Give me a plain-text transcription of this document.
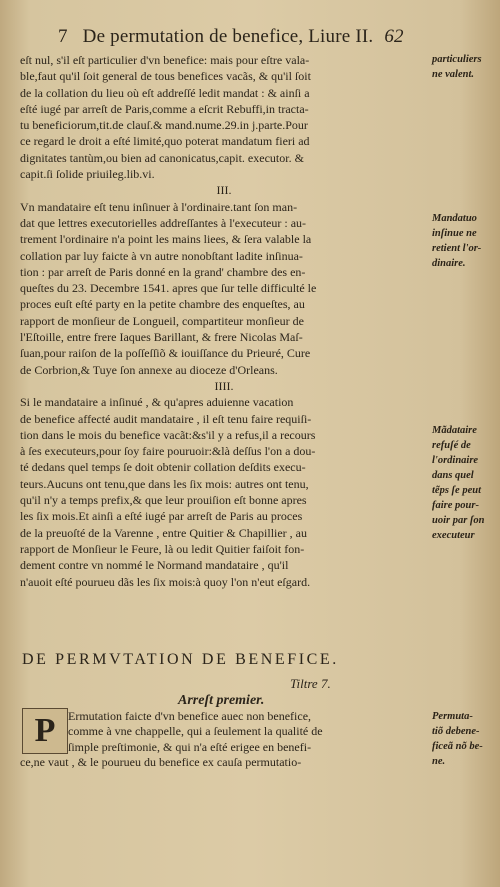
7 De permutation de benefice, Liure II. 62
eſt nul, s'il eſt particulier d'vn benefice: mais pour eſtre vala-
ble,faut qu'il ſoit general de tous benefices vacãs, & qu'il ſoit
de la collation du lieu où eſt addreſſé ledit mandat : & ainſi a
eſté iugé par arreſt de Paris,comme a eſcrit Rebuffi,in tracta-
tu beneficiorum,tit.de clauſ.& mand.nume.29.in j.parte.Pour
ce regard le droit a eſté limité,quo poterat mandatum fieri ad
dignitates tantùm,ou bien ad canonicatus,capit. executor. &
capit.ſi ſolide priuileg.lib.vi.
III.
Vn mandataire eſt tenu inſinuer à l'ordinaire.tant ſon man-
dat que lettres executorielles addreſſantes à l'executeur : au-
trement l'ordinaire n'a point les mains liees, & ſera valable la
collation par luy faicte à vn autre nonobſtant ladite inſinua-
tion : par arreſt de Paris donné en la grand' chambre des en-
queſtes du 23. Decembre 1541. apres que ſur telle difficulté le
proces euſt eſté party en la petite chambre des enqueſtes, au
rapport de monſieur de Longueil, compartiteur monſieur de
l'Eſtoille, entre frere Iaques Barillant, & frere Nicolas Maſ-
ſuan,pour raiſon de la poſſeſſiõ & iouiſſance du Prieuré, Cure
de Corbrion,& Tuye ſon annexe au dioceze d'Orleans.
IIII.
Si le mandataire a inſinué , & qu'apres aduienne vacation
de benefice affecté audit mandataire , il eſt tenu faire requiſi-
tion dans le mois du benefice vacãt:&s'il y a refus,il a recours
à ſes executeurs,pour ſoy faire pouruoir:&là deſſus l'on a dou-
té dedans quel temps ſe doit obtenir collation deſdits execu-
teurs.Aucuns ont tenu,que dans les ſix mois: autres ont tenu,
qu'il n'y a temps prefix,& que leur prouiſion eſt bonne apres
les ſix mois.Et ainſi a eſté iugé par arreſt de Paris au proces
de la preuoſté de la Varenne , entre Quitier & Chapillier , au
rapport de Monſieur le Feure, là ou ledit Quitier faiſoit fon-
dement contre vn nommé le Normand mandataire , qu'il
n'auoit eſté pourueu dãs les ſix mois:à quoy l'on n'eut eſgard.
particuliers
ne valent.
Mandatuo
inſinue ne
retient l'or-
dinaire.
Mãdataire
refuſé de
l'ordinaire
dans quel
tẽps ſe peut
faire pour-
uoir par ſon
executeur
DE PERMVTATION DE BENEFICE.
Tiltre 7.
Arreſt premier.
P	Ermutation faicte d'vn benefice auec non benefice,
comme à vne chappelle, qui a ſeulement la qualité de
ſimple preſtimonie, & qui n'a eſté erigee en benefi-
ce,ne vaut , & le pourueu du benefice ex cauſa permutatio-
Permuta-
tiõ debene-
ficeã nõ be-
ne.
